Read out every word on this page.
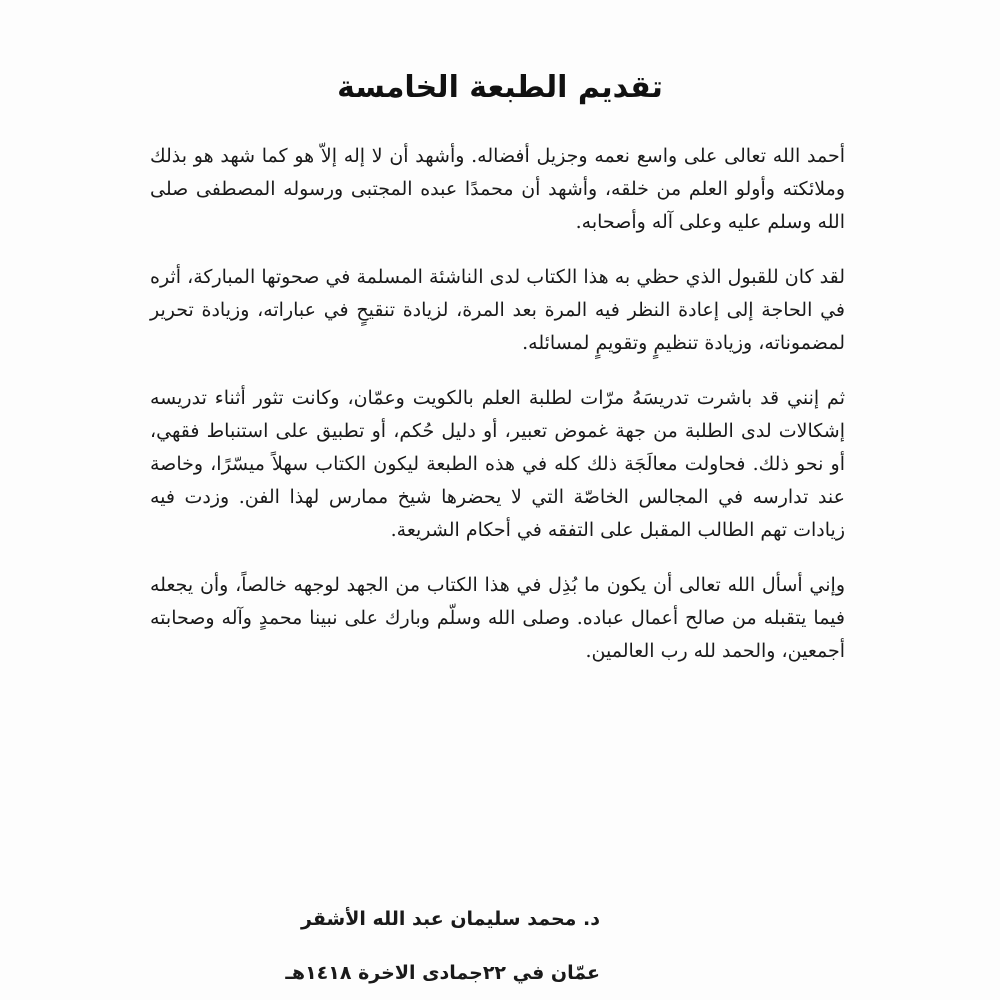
تقديم الطبعة الخامسة

أحمد الله تعالى على واسع نعمه وجزيل أفضاله. وأشهد أن لا إله إلاّ هو كما شهد هو بذلك وملائكته وأولو العلم من خلقه، وأشهد أن محمدًا عبده المجتبى ورسوله المصطفى صلى الله وسلم عليه وعلى آله وأصحابه.

لقد كان للقبول الذي حظي به هذا الكتاب لدى الناشئة المسلمة في صحوتها المباركة، أثره في الحاجة إلى إعادة النظر فيه المرة بعد المرة، لزيادة تنقيحٍ في عباراته، وزيادة تحرير لمضموناته، وزيادة تنظيمٍ وتقويمٍ لمسائله.

ثم إنني قد باشرت تدريسَهُ مرّات لطلبة العلم بالكويت وعمّان، وكانت تثور أثناء تدريسه إشكالات لدى الطلبة من جهة غموض تعبير، أو دليل حُكم، أو تطبيق على استنباط فقهي، أو نحو ذلك. فحاولت معالَجَة ذلك كله في هذه الطبعة ليكون الكتاب سهلاً ميسّرًا، وخاصة عند تدارسه في المجالس الخاصّة التي لا يحضرها شيخ ممارس لهذا الفن. وزدت فيه زيادات تهم الطالب المقبل على التفقه في أحكام الشريعة.

وإني أسأل الله تعالى أن يكون ما بُذِل في هذا الكتاب من الجهد لوجهه خالصاً، وأن يجعله فيما يتقبله من صالح أعمال عباده. وصلى الله وسلّم وبارك على نبينا محمدٍ وآله وصحابته أجمعين، والحمد لله رب العالمين.

د. محمد سليمان عبد الله الأشقر
عمّان في ٢٢جمادى الاخرة ١٤١٨هـ
